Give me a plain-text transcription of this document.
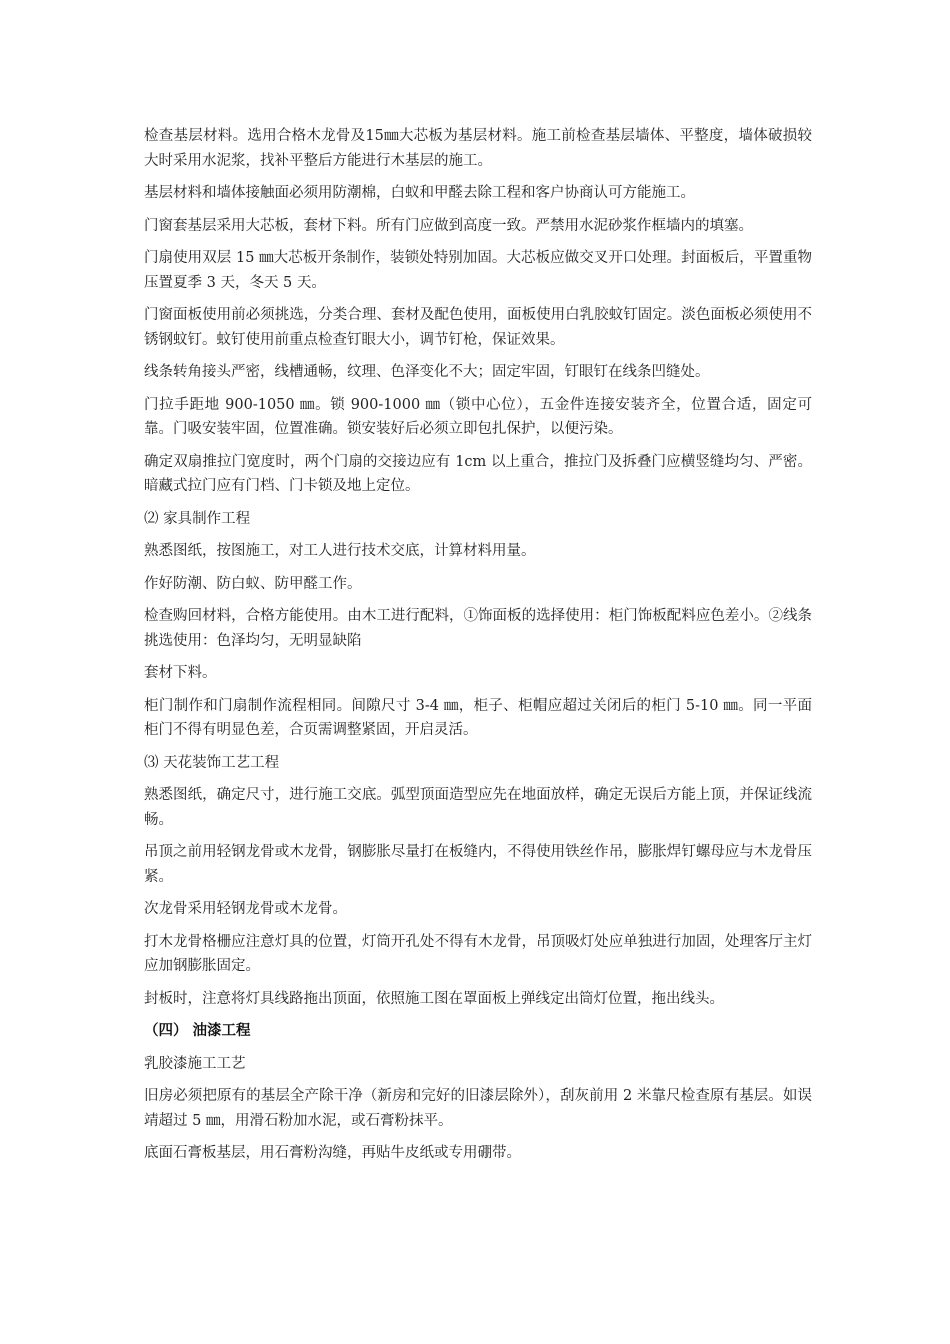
检查基层材料。选用合格木龙骨及15㎜大芯板为基层材料。施工前检查基层墙体、平整度，墙体破损较大时采用水泥浆，找补平整后方能进行木基层的施工。

基层材料和墙体接触面必须用防潮棉，白蚁和甲醛去除工程和客户协商认可方能施工。

门窗套基层采用大芯板，套材下料。所有门应做到高度一致。严禁用水泥砂浆作框墙内的填塞。

门扇使用双层 15 ㎜大芯板开条制作，装锁处特别加固。大芯板应做交叉开口处理。封面板后，平置重物压置夏季 3 天，冬天 5 天。

门窗面板使用前必须挑选，分类合理、套材及配色使用，面板使用白乳胶蚊钉固定。淡色面板必须使用不锈钢蚊钉。蚊钉使用前重点检查钉眼大小，调节钉枪，保证效果。

线条转角接头严密，线槽通畅，纹理、色泽变化不大；固定牢固，钉眼钉在线条凹缝处。

门拉手距地 900-1050 ㎜。锁 900-1000 ㎜（锁中心位），五金件连接安装齐全，位置合适，固定可靠。门吸安装牢固，位置准确。锁安装好后必须立即包扎保护，以便污染。

确定双扇推拉门宽度时，两个门扇的交接边应有 1cm 以上重合，推拉门及拆叠门应横竖缝均匀、严密。暗藏式拉门应有门档、门卡锁及地上定位。

⑵ 家具制作工程

熟悉图纸，按图施工，对工人进行技术交底，计算材料用量。

作好防潮、防白蚁、防甲醛工作。

检查购回材料，合格方能使用。由木工进行配料，①饰面板的选择使用：柜门饰板配料应色差小。②线条挑选使用：色泽均匀，无明显缺陷

套材下料。

柜门制作和门扇制作流程相同。间隙尺寸 3-4 ㎜，柜子、柜帽应超过关闭后的柜门 5-10 ㎜。同一平面柜门不得有明显色差，合页需调整紧固，开启灵活。

⑶ 天花装饰工艺工程

熟悉图纸，确定尺寸，进行施工交底。弧型顶面造型应先在地面放样，确定无误后方能上顶，并保证线流畅。

吊顶之前用轻钢龙骨或木龙骨，钢膨胀尽量打在板缝内，不得使用铁丝作吊，膨胀焊钉螺母应与木龙骨压紧。

次龙骨采用轻钢龙骨或木龙骨。

打木龙骨格栅应注意灯具的位置，灯筒开孔处不得有木龙骨，吊顶吸灯处应单独进行加固，处理客厅主灯应加钢膨胀固定。

封板时，注意将灯具线路拖出顶面，依照施工图在罩面板上弹线定出筒灯位置，拖出线头。

（四） 油漆工程

乳胶漆施工工艺

旧房必须把原有的基层全产除干净（新房和完好的旧漆层除外），刮灰前用 2 米靠尺检查原有基层。如误靖超过 5 ㎜，用滑石粉加水泥，或石膏粉抹平。

底面石膏板基层，用石膏粉沟缝，再贴牛皮纸或专用硼带。
